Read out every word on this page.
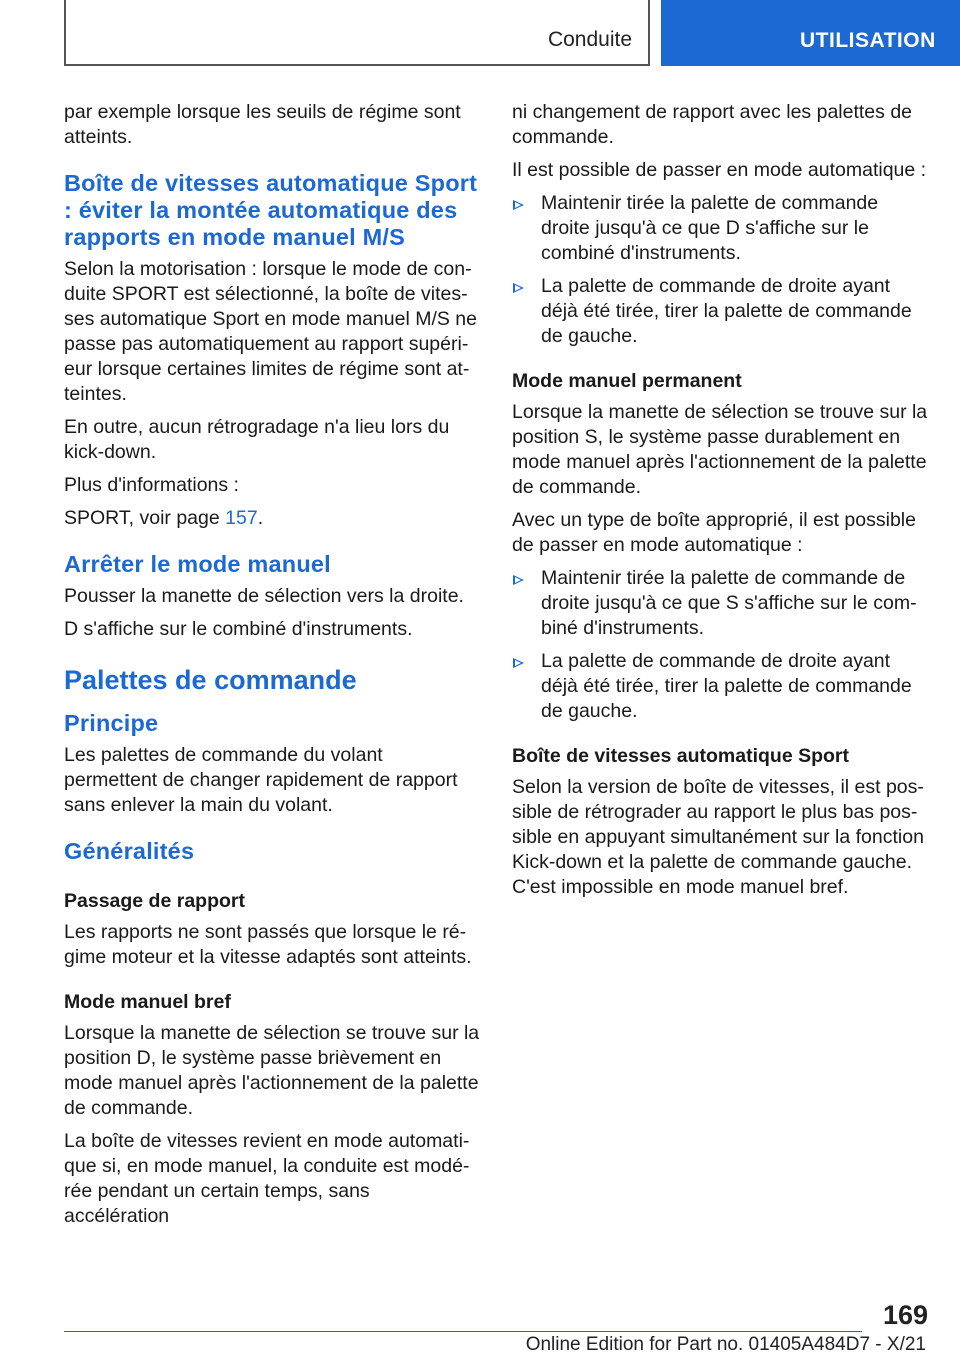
Conduite	UTILISATION

par exemple lorsque les seuils de régime sont atteints.

Boîte de vitesses automatique Sport : éviter la montée automatique des rapports en mode manuel M/S

Selon la motorisation : lorsque le mode de conduite SPORT est sélectionné, la boîte de vitesses automatique Sport en mode manuel M/S ne passe pas automatiquement au rapport supérieur lorsque certaines limites de régime sont atteintes.

En outre, aucun rétrogradage n'a lieu lors du kick-down.

Plus d'informations :

SPORT, voir page 157.

Arrêter le mode manuel

Pousser la manette de sélection vers la droite.

D s'affiche sur le combiné d'instruments.

Palettes de commande
Principe

Les palettes de commande du volant permettent de changer rapidement de rapport sans enlever la main du volant.

Généralités
Passage de rapport

Les rapports ne sont passés que lorsque le régime moteur et la vitesse adaptés sont atteints.

Mode manuel bref

Lorsque la manette de sélection se trouve sur la position D, le système passe brièvement en mode manuel après l'actionnement de la palette de commande.

La boîte de vitesses revient en mode automatique si, en mode manuel, la conduite est modérée pendant un certain temps, sans accélération

ni changement de rapport avec les palettes de commande.

Il est possible de passer en mode automatique :

Maintenir tirée la palette de commande droite jusqu'à ce que D s'affiche sur le combiné d'instruments.
La palette de commande de droite ayant déjà été tirée, tirer la palette de commande de gauche.
Mode manuel permanent

Lorsque la manette de sélection se trouve sur la position S, le système passe durablement en mode manuel après l'actionnement de la palette de commande.

Avec un type de boîte approprié, il est possible de passer en mode automatique :

Maintenir tirée la palette de commande de droite jusqu'à ce que S s'affiche sur le combiné d'instruments.
La palette de commande de droite ayant déjà été tirée, tirer la palette de commande de gauche.
Boîte de vitesses automatique Sport

Selon la version de boîte de vitesses, il est possible de rétrograder au rapport le plus bas possible en appuyant simultanément sur la fonction Kick-down et la palette de commande gauche. C'est impossible en mode manuel bref.

169
Online Edition for Part no. 01405A484D7 - X/21
